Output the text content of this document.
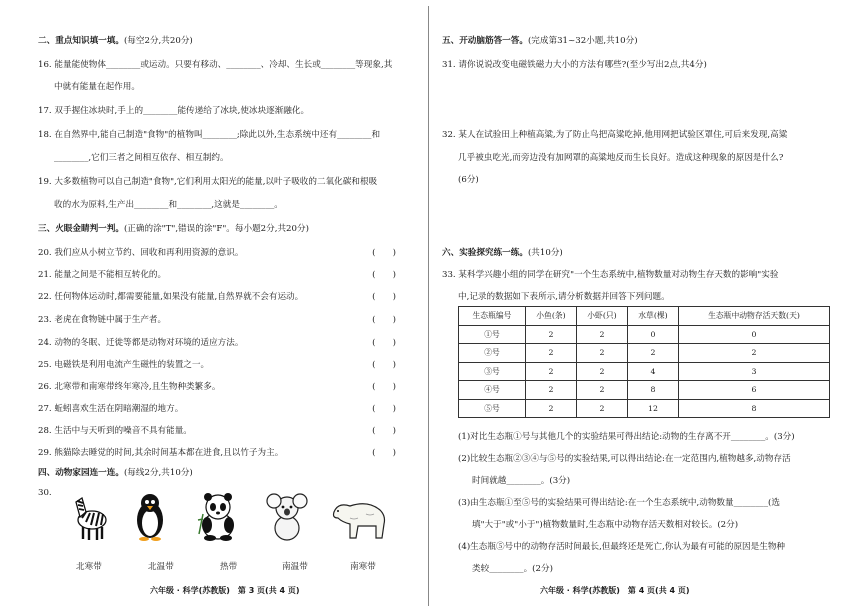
二、重点知识填一填。(每空2分,共20分)
16. 能量能使物体________或运动。只要有移动、________、冷却、生长或________等现象,其
中就有能量在起作用。
17. 双手握住冰块时,手上的________能传递给了冰块,使冰块逐渐融化。
18. 在自然界中,能自己制造"食物"的植物叫________;除此以外,生态系统中还有________和
________,它们三者之间相互依存、相互制约。
19. 大多数植物可以自己制造"食物",它们利用太阳光的能量,以叶子吸收的二氧化碳和根吸
收的水为原料,生产出________和________,这就是________。
三、火眼金睛判一判。(正确的涂"T",错误的涂"F"。每小题2分,共20分)
20. 我们应从小树立节约、回收和再利用资源的意识。	(　　)
21. 能量之间是不能相互转化的。	(　　)
22. 任何物体运动时,都需要能量,如果没有能量,自然界就不会有运动。	(　　)
23. 老虎在食物链中属于生产者。	(　　)
24. 动物的冬眠、迁徙等都是动物对环境的适应方法。	(　　)
25. 电磁铁是利用电流产生磁性的装置之一。	(　　)
26. 北寒带和南寒带终年寒冷,且生物种类繁多。	(　　)
27. 蚯蚓喜欢生活在阴暗潮湿的地方。	(　　)
28. 生活中与天听到的噪音不具有能量。	(　　)
29. 熊猫除去睡觉的时间,其余时间基本都在进食,且以竹子为主。	(　　)
四、动物家园连一连。(每线2分,共10分)
30.
北寒带	北温带	热带	南温带	南寒带
六年级 · 科学(苏教版)　第 3 页(共 4 页)
五、开动脑筋答一答。(完成第31~32小题,共10分)
31. 请你说说改变电磁铁磁力大小的方法有哪些?(至少写出2点,共4分)
32. 某人在试验田上种植高粱,为了防止鸟把高粱吃掉,他用网把试验区罩住,可后来发现,高粱
几乎被虫吃光,而旁边没有加网罩的高粱地反而生长良好。造成这种现象的原因是什么?
(6分)
六、实验探究练一练。(共10分)
33. 某科学兴趣小组的同学在研究"一个生态系统中,植物数量对动物生存天数的影响"实验
中,记录的数据如下表所示,请分析数据并回答下列问题。
生态瓶编号	小鱼(条)	小虾(只)	水草(棵)	生态瓶中动物存活天数(天)
①号	2	2	0	0
②号	2	2	2	2
③号	2	2	4	3
④号	2	2	8	6
⑤号	2	2	12	8
(1)对比生态瓶①号与其他几个的实验结果可得出结论:动物的生存离不开________。(3分)
(2)比较生态瓶②③④与⑤号的实验结果,可以得出结论:在一定范围内,植物越多,动物存活
时间就越________。(3分)
(3)由生态瓶①至⑤号的实验结果可得出结论:在一个生态系统中,动物数量________(选
填"大于"或"小于")植物数量时,生态瓶中动物存活天数相对较长。(2分)
(4)生态瓶⑤号中的动物存活时间最长,但最终还是死亡,你认为最有可能的原因是生物种
类较________。(2分)
六年级 · 科学(苏教版)　第 4 页(共 4 页)
